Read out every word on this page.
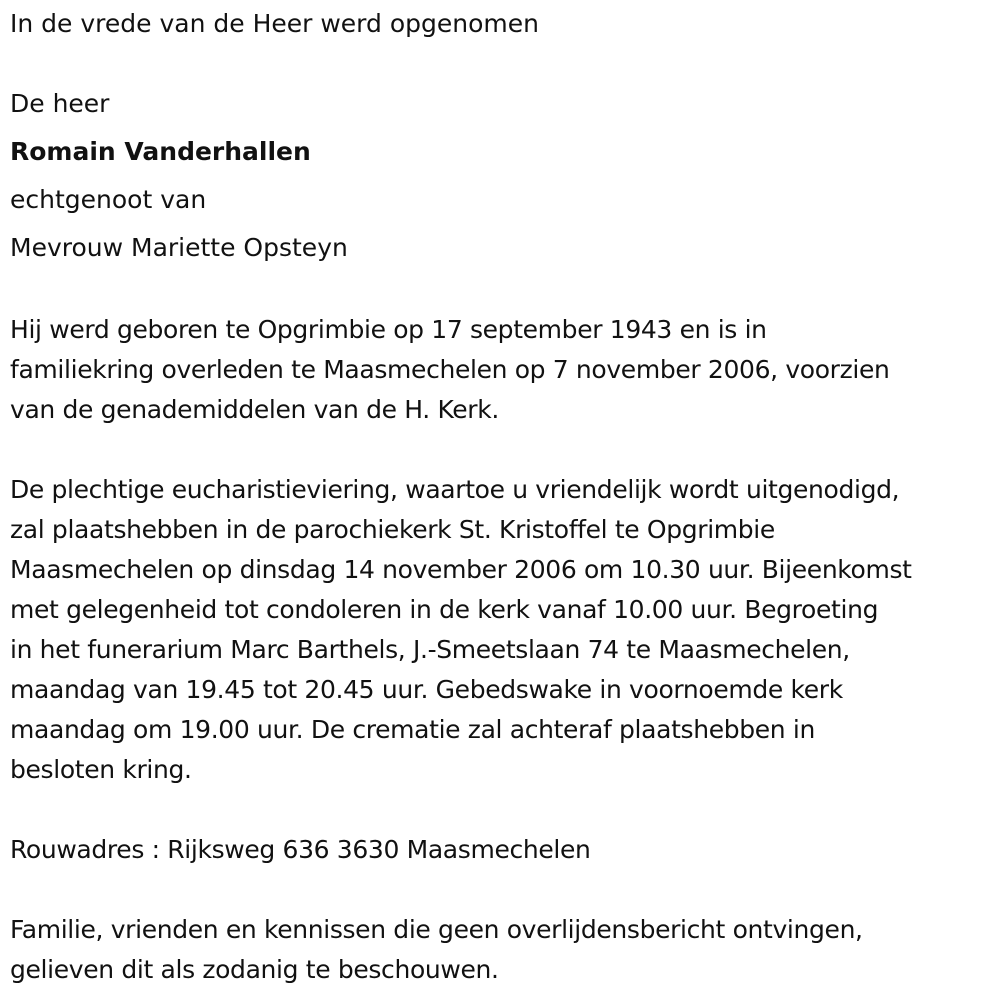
In de vrede van de Heer werd opgenomen

De heer

Romain Vanderhallen

echtgenoot van

Mevrouw Mariette Opsteyn

Hij werd geboren te Opgrimbie op 17 september 1943 en is in

familiekring overleden te Maasmechelen op 7 november 2006, voorzien

van de genademiddelen van de H. Kerk.

De plechtige eucharistieviering, waartoe u vriendelijk wordt uitgenodigd,

zal plaatshebben in de parochiekerk St. Kristoffel te Opgrimbie

Maasmechelen op dinsdag 14 november 2006 om 10.30 uur. Bijeenkomst

met gelegenheid tot condoleren in de kerk vanaf 10.00 uur. Begroeting

in het funerarium Marc Barthels, J.-Smeetslaan 74 te Maasmechelen,

maandag van 19.45 tot 20.45 uur. Gebedswake in voornoemde kerk

maandag om 19.00 uur. De crematie zal achteraf plaatshebben in

besloten kring.

Rouwadres : Rijksweg 636 3630 Maasmechelen

Familie, vrienden en kennissen die geen overlijdensbericht ontvingen,

gelieven dit als zodanig te beschouwen.
